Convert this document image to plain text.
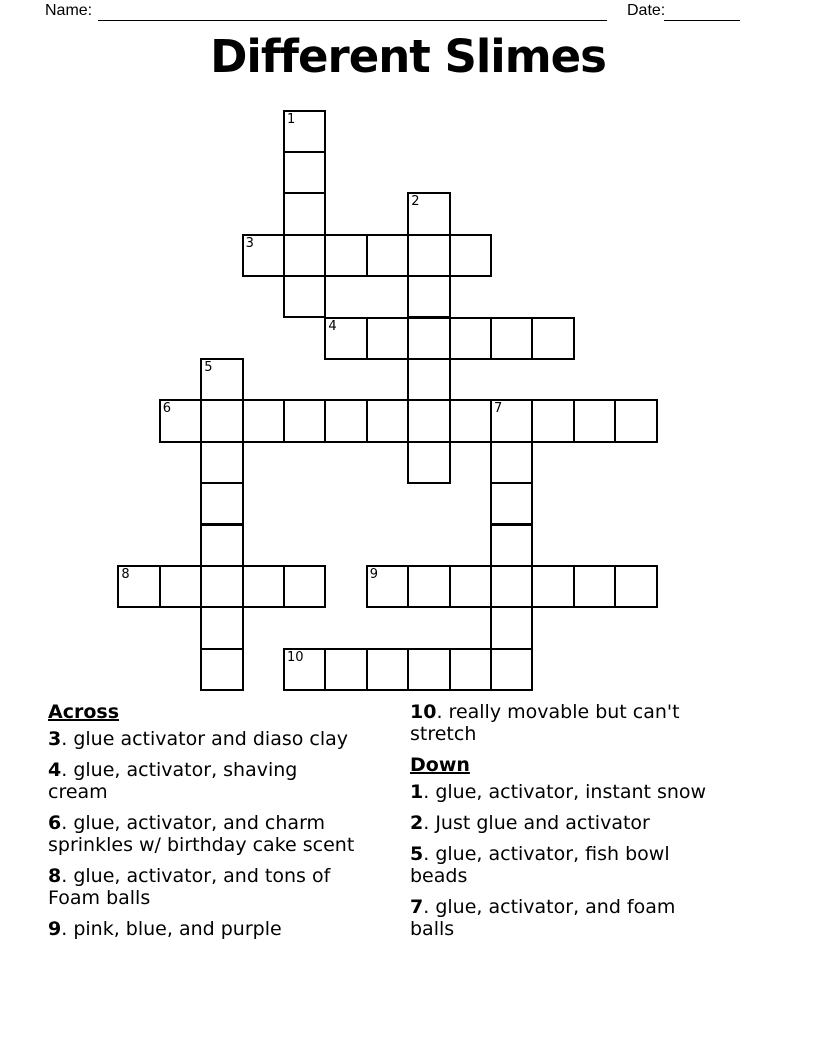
Name:	Date:
Different Slimes
1
2
3
4
5
6	7
8	9
10
Across
3. glue activator and diaso clay
4. glue, activator, shaving
cream
6. glue, activator, and charm
sprinkles w/ birthday cake scent
8. glue, activator, and tons of
Foam balls
9. pink, blue, and purple
10. really movable but can't
stretch
Down
1. glue, activator, instant snow
2. Just glue and activator
5. glue, activator, fish bowl
beads
7. glue, activator, and foam
balls
